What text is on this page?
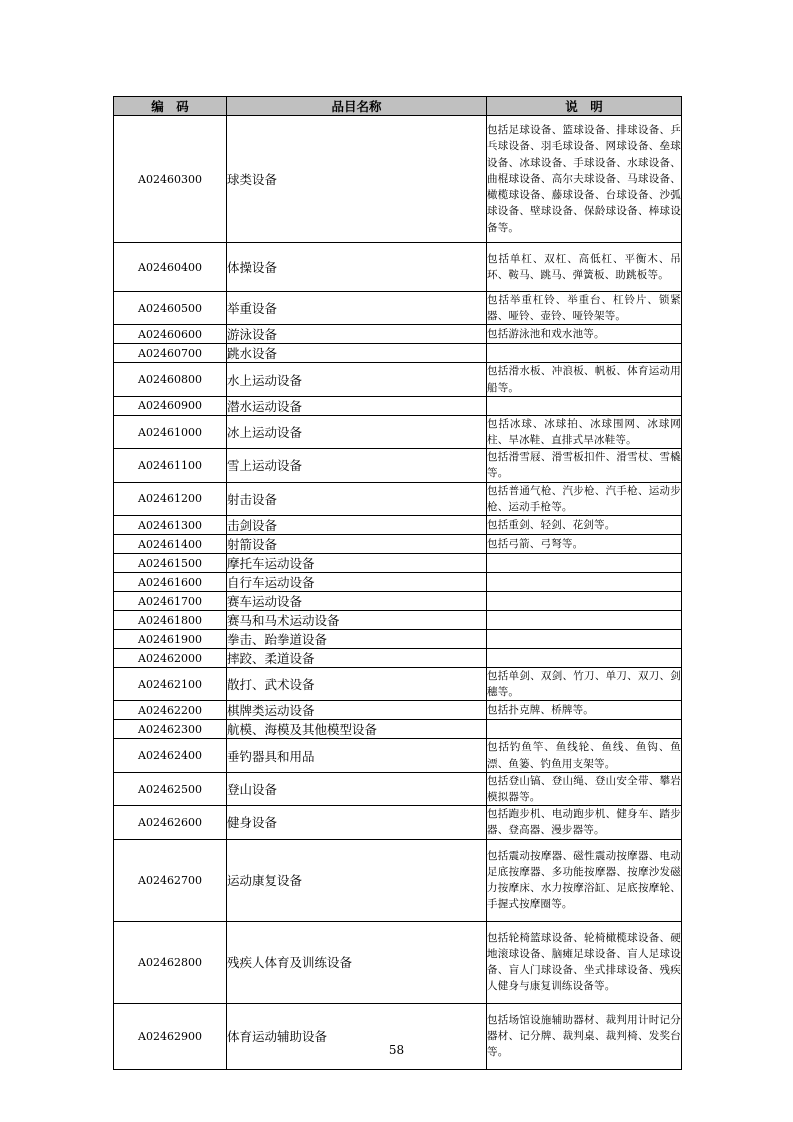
编　码	品目名称	说　明
A02460300	球类设备	包括足球设备、篮球设备、排球设备、乒乓球设备、羽毛球设备、网球设备、垒球设备、冰球设备、手球设备、水球设备、曲棍球设备、高尔夫球设备、马球设备、橄榄球设备、藤球设备、台球设备、沙弧球设备、壁球设备、保龄球设备、棒球设备等。
A02460400	体操设备	包括单杠、双杠、高低杠、平衡木、吊环、鞍马、跳马、弹簧板、助跳板等。
A02460500	举重设备	包括举重杠铃、举重台、杠铃片、锁紧器、哑铃、壶铃、哑铃架等。
A02460600	游泳设备	包括游泳池和戏水池等。
A02460700	跳水设备	
A02460800	水上运动设备	包括滑水板、冲浪板、帆板、体育运动用船等。
A02460900	潜水运动设备	
A02461000	冰上运动设备	包括冰球、冰球拍、冰球围网、冰球网柱、旱冰鞋、直排式旱冰鞋等。
A02461100	雪上运动设备	包括滑雪屐、滑雪板扣件、滑雪杖、雪橇等。
A02461200	射击设备	包括普通气枪、汽步枪、汽手枪、运动步枪、运动手枪等。
A02461300	击剑设备	包括重剑、轻剑、花剑等。
A02461400	射箭设备	包括弓箭、弓弩等。
A02461500	摩托车运动设备	
A02461600	自行车运动设备	
A02461700	赛车运动设备	
A02461800	赛马和马术运动设备	
A02461900	拳击、跆拳道设备	
A02462000	摔跤、柔道设备	
A02462100	散打、武术设备	包括单剑、双剑、竹刀、单刀、双刀、剑穗等。
A02462200	棋牌类运动设备	包括扑克牌、桥牌等。
A02462300	航模、海模及其他模型设备	
A02462400	垂钓器具和用品	包括钓鱼竿、鱼线轮、鱼线、鱼钩、鱼漂、鱼篓、钓鱼用支架等。
A02462500	登山设备	包括登山镐、登山绳、登山安全带、攀岩模拟器等。
A02462600	健身设备	包括跑步机、电动跑步机、健身车、踏步器、登高器、漫步器等。
A02462700	运动康复设备	包括震动按摩器、磁性震动按摩器、电动足底按摩器、多功能按摩器、按摩沙发磁力按摩床、水力按摩浴缸、足底按摩轮、手握式按摩圈等。
A02462800	残疾人体育及训练设备	包括轮椅篮球设备、轮椅橄榄球设备、硬地滚球设备、脑瘫足球设备、盲人足球设备、盲人门球设备、坐式排球设备、残疾人健身与康复训练设备等。
A02462900	体育运动辅助设备	包括场馆设施辅助器材、裁判用计时记分器材、记分牌、裁判桌、裁判椅、发奖台等。
58
